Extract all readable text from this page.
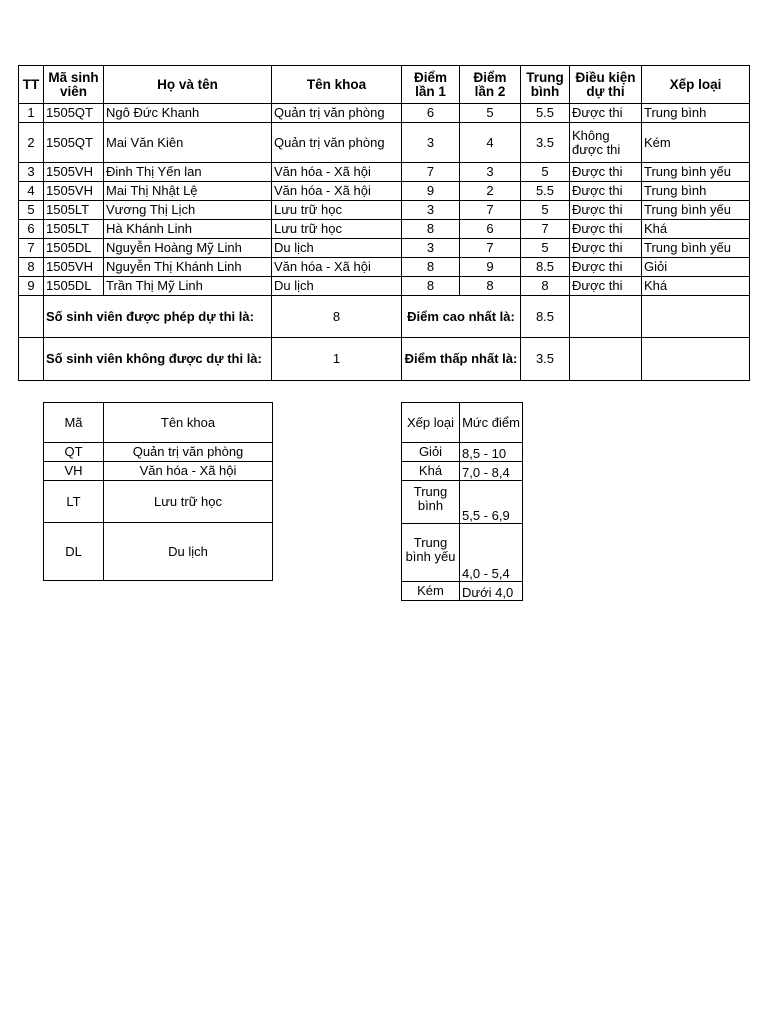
TT	Mã sinh viên	Họ và tên	Tên khoa	Điểm lần 1	Điểm lần 2	Trung bình	Điều kiện dự thi	Xếp loại
1	1505QT	Ngô Đức Khanh	Quản trị văn phòng	6	5	5.5	Được thi	Trung bình
2	1505QT	Mai Văn Kiên	Quản trị văn phòng	3	4	3.5	Không được thi	Kém
3	1505VH	Đinh Thị Yến lan	Văn hóa - Xã hội	7	3	5	Được thi	Trung bình yếu
4	1505VH	Mai Thị Nhật Lệ	Văn hóa - Xã hội	9	2	5.5	Được thi	Trung bình
5	1505LT	Vương Thị Lịch	Lưu trữ học	3	7	5	Được thi	Trung bình yếu
6	1505LT	Hà Khánh Linh	Lưu trữ học	8	6	7	Được thi	Khá
7	1505DL	Nguyễn Hoàng Mỹ Linh	Du lịch	3	7	5	Được thi	Trung bình yếu
8	1505VH	Nguyễn Thị Khánh Linh	Văn hóa - Xã hội	8	9	8.5	Được thi	Giỏi
9	1505DL	Trần Thị Mỹ Linh	Du lịch	8	8	8	Được thi	Khá
	Số sinh viên được phép dự thi là:		8	Điểm cao nhất là:		8.5		
	Số sinh viên không được dự thi là:		1	Điểm thấp nhất là:		3.5		
Mã	Tên khoa
QT	Quản trị văn phòng
VH	Văn hóa - Xã hội
LT	Lưu trữ học
DL	Du lịch
Xếp loại	Mức điểm
Giỏi	8,5 - 10
Khá	7,0 - 8,4
Trung bình	5,5 - 6,9
Trung bình yếu	4,0 - 5,4
Kém	Dưới 4,0
